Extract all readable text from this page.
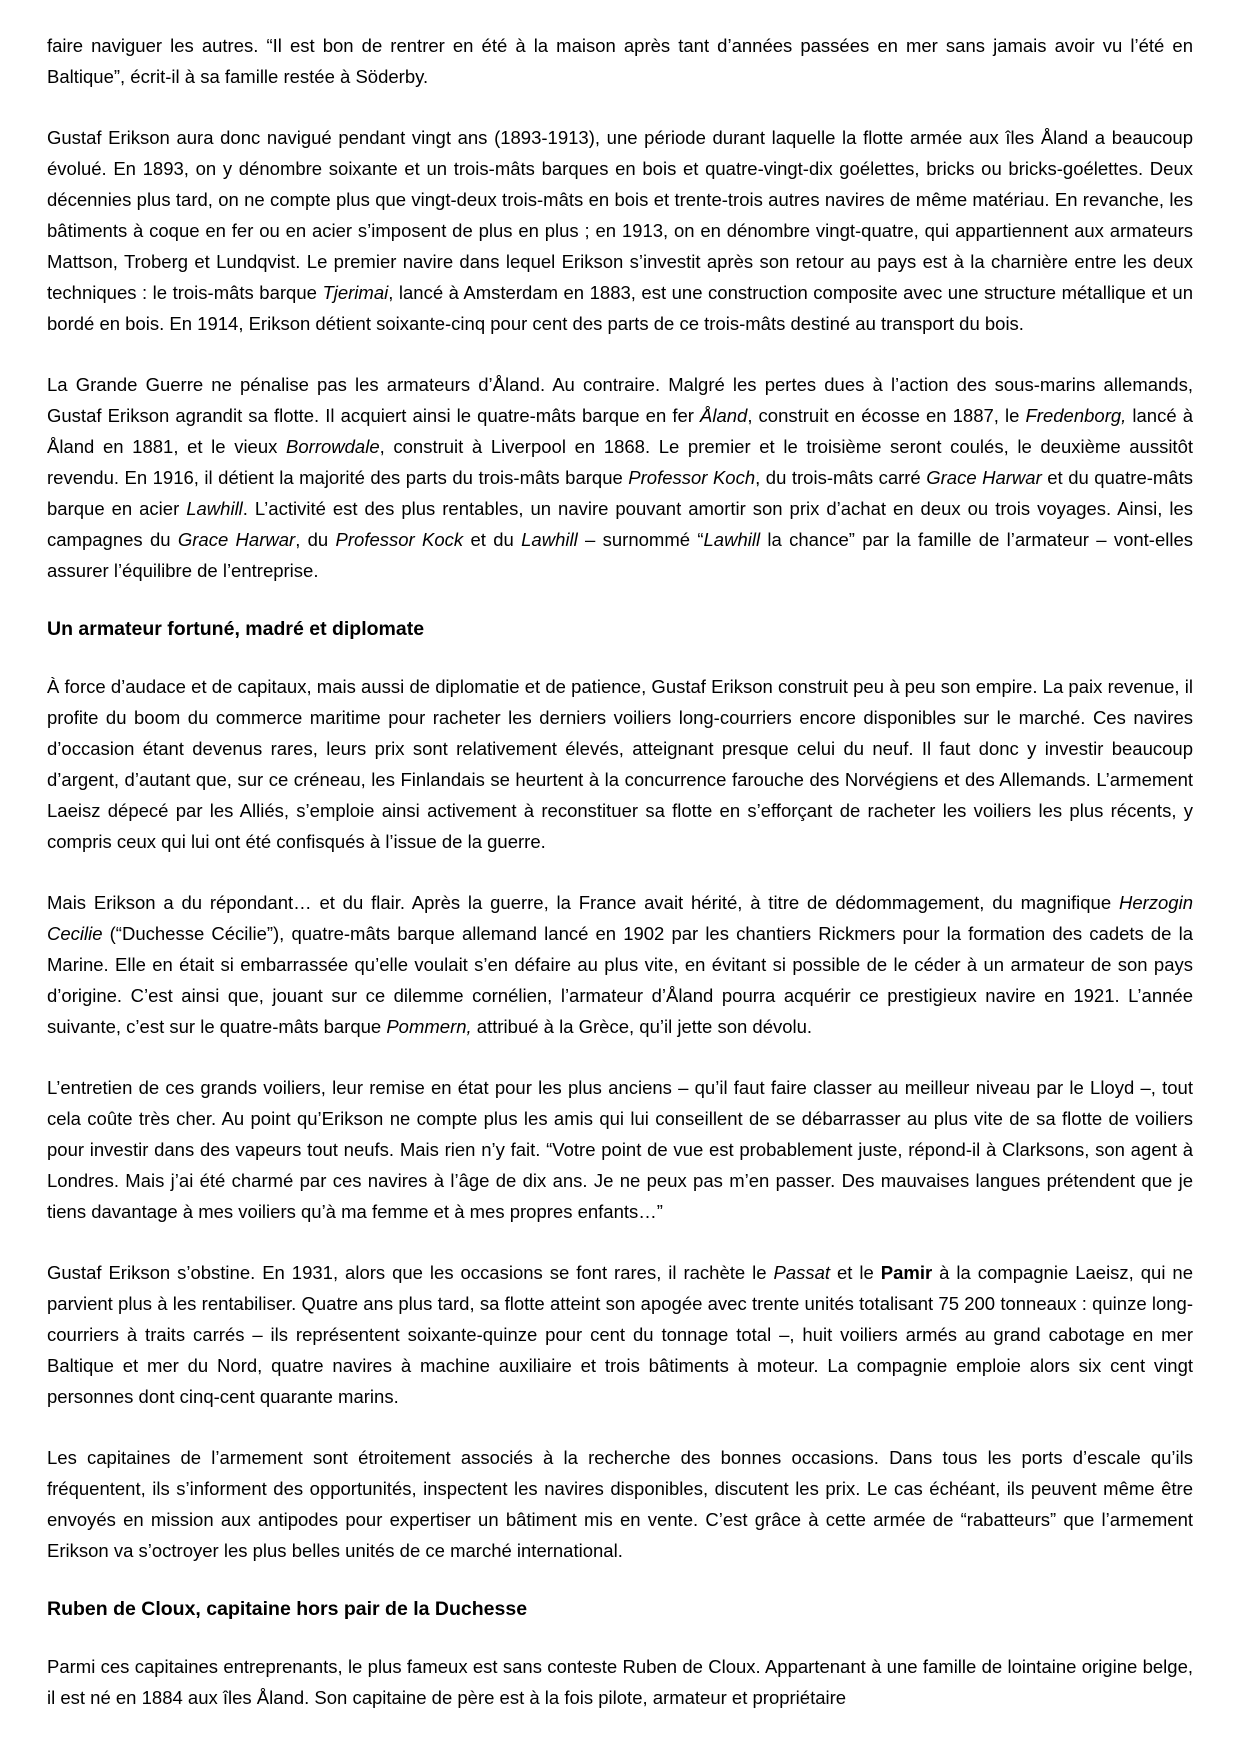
faire naviguer les autres. “Il est bon de rentrer en été à la maison après tant d’années passées en mer sans jamais avoir vu l’été en Baltique”, écrit-il à sa famille restée à Söderby.

Gustaf Erikson aura donc navigué pendant vingt ans (1893-1913), une période durant laquelle la flotte armée aux îles Åland a beaucoup évolué. En 1893, on y dénombre soixante et un trois-mâts barques en bois et quatre-vingt-dix goélettes, bricks ou bricks-goélettes. Deux décennies plus tard, on ne compte plus que vingt-deux trois-mâts en bois et trente-trois autres navires de même matériau. En revanche, les bâtiments à coque en fer ou en acier s’imposent de plus en plus ; en 1913, on en dénombre vingt-quatre, qui appartiennent aux armateurs Mattson, Troberg et Lundqvist. Le premier navire dans lequel Erikson s’investit après son retour au pays est à la charnière entre les deux techniques : le trois-mâts barque Tjerimai, lancé à Amsterdam en 1883, est une construction composite avec une structure métallique et un bordé en bois. En 1914, Erikson détient soixante-cinq pour cent des parts de ce trois-mâts destiné au transport du bois.

La Grande Guerre ne pénalise pas les armateurs d’Åland. Au contraire. Malgré les pertes dues à l’action des sous-marins allemands, Gustaf Erikson agrandit sa flotte. Il acquiert ainsi le quatre-mâts barque en fer Åland, construit en écosse en 1887, le Fredenborg, lancé à Åland en 1881, et le vieux Borrowdale, construit à Liverpool en 1868. Le premier et le troisième seront coulés, le deuxième aussitôt revendu. En 1916, il détient la majorité des parts du trois-mâts barque Professor Koch, du trois-mâts carré Grace Harwar et du quatre-mâts barque en acier Lawhill. L’activité est des plus rentables, un navire pouvant amortir son prix d’achat en deux ou trois voyages. Ainsi, les campagnes du Grace Harwar, du Professor Kock et du Lawhill – surnommé “Lawhill la chance” par la famille de l’armateur – vont-elles assurer l’équilibre de l’entreprise.

Un armateur fortuné, madré et diplomate

À force d’audace et de capitaux, mais aussi de diplomatie et de patience, Gustaf Erikson construit peu à peu son empire. La paix revenue, il profite du boom du commerce maritime pour racheter les derniers voiliers long-courriers encore disponibles sur le marché. Ces navires d’occasion étant devenus rares, leurs prix sont relativement élevés, atteignant presque celui du neuf. Il faut donc y investir beaucoup d’argent, d’autant que, sur ce créneau, les Finlandais se heurtent à la concurrence farouche des Norvégiens et des Allemands. L’armement Laeisz dépecé par les Alliés, s’emploie ainsi activement à reconstituer sa flotte en s’efforçant de racheter les voiliers les plus récents, y compris ceux qui lui ont été confisqués à l’issue de la guerre.

Mais Erikson a du répondant… et du flair. Après la guerre, la France avait hérité, à titre de dédommagement, du magnifique Herzogin Cecilie (“Duchesse Cécilie”), quatre-mâts barque allemand lancé en 1902 par les chantiers Rickmers pour la formation des cadets de la Marine. Elle en était si embarrassée qu’elle voulait s’en défaire au plus vite, en évitant si possible de le céder à un armateur de son pays d’origine. C’est ainsi que, jouant sur ce dilemme cornélien, l’armateur d’Åland pourra acquérir ce prestigieux navire en 1921. L’année suivante, c’est sur le quatre-mâts barque Pommern, attribué à la Grèce, qu’il jette son dévolu.

L’entretien de ces grands voiliers, leur remise en état pour les plus anciens – qu’il faut faire classer au meilleur niveau par le Lloyd –, tout cela coûte très cher. Au point qu’Erikson ne compte plus les amis qui lui conseillent de se débarrasser au plus vite de sa flotte de voiliers pour investir dans des vapeurs tout neufs. Mais rien n’y fait. “Votre point de vue est probablement juste, répond-il à Clarksons, son agent à Londres. Mais j’ai été charmé par ces navires à l’âge de dix ans. Je ne peux pas m’en passer. Des mauvaises langues prétendent que je tiens davantage à mes voiliers qu’à ma femme et à mes propres enfants…”

Gustaf Erikson s’obstine. En 1931, alors que les occasions se font rares, il rachète le Passat et le Pamir à la compagnie Laeisz, qui ne parvient plus à les rentabiliser. Quatre ans plus tard, sa flotte atteint son apogée avec trente unités totalisant 75 200 tonneaux : quinze long-courriers à traits carrés – ils représentent soixante-quinze pour cent du tonnage total –, huit voiliers armés au grand cabotage en mer Baltique et mer du Nord, quatre navires à machine auxiliaire et trois bâtiments à moteur. La compagnie emploie alors six cent vingt personnes dont cinq-cent quarante marins.

Les capitaines de l’armement sont étroitement associés à la recherche des bonnes occasions. Dans tous les ports d’escale qu’ils fréquentent, ils s’informent des opportunités, inspectent les navires disponibles, discutent les prix. Le cas échéant, ils peuvent même être envoyés en mission aux antipodes pour expertiser un bâtiment mis en vente. C’est grâce à cette armée de “rabatteurs” que l’armement Erikson va s’octroyer les plus belles unités de ce marché international.

Ruben de Cloux, capitaine hors pair de la Duchesse

Parmi ces capitaines entreprenants, le plus fameux est sans conteste Ruben de Cloux. Appartenant à une famille de lointaine origine belge, il est né en 1884 aux îles Åland. Son capitaine de père est à la fois pilote, armateur et propriétaire
